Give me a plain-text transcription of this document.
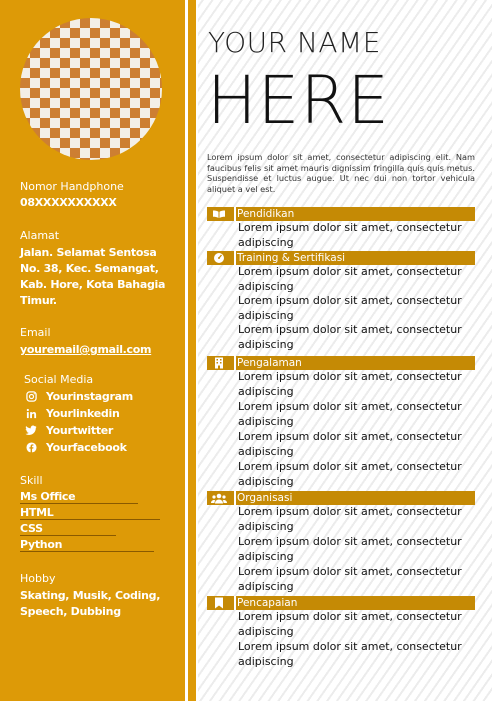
Nomor Handphone
08XXXXXXXXXX
Alamat
Jalan. Selamat Sentosa No. 38, Kec. Semangat, Kab. Hore, Kota Bahagia Timur.
Email
youremail@gmail.com
Social Media
Yourinstagram
Yourlinkedin
Yourtwitter
Yourfacebook
Skill
Ms Office
HTML
CSS
Python
Hobby
Skating, Musik, Coding, Speech, Dubbing
YOUR NAME
HERE
Lorem ipsum dolor sit amet, consectetur adipiscing elit. Nam faucibus felis sit amet mauris dignissim fringilla quis quis metus. Suspendisse et luctus augue. Ut nec dui non tortor vehicula aliquet a vel est.
Pendidikan
Lorem ipsum dolor sit amet, consectetur adipiscing
Training & Sertifikasi
Lorem ipsum dolor sit amet, consectetur adipiscing
Lorem ipsum dolor sit amet, consectetur adipiscing
Lorem ipsum dolor sit amet, consectetur adipiscing
Pengalaman
Lorem ipsum dolor sit amet, consectetur adipiscing
Lorem ipsum dolor sit amet, consectetur adipiscing
Lorem ipsum dolor sit amet, consectetur adipiscing
Lorem ipsum dolor sit amet, consectetur adipiscing
Organisasi
Lorem ipsum dolor sit amet, consectetur adipiscing
Lorem ipsum dolor sit amet, consectetur adipiscing
Lorem ipsum dolor sit amet, consectetur adipiscing
Pencapaian
Lorem ipsum dolor sit amet, consectetur adipiscing
Lorem ipsum dolor sit amet, consectetur adipiscing
